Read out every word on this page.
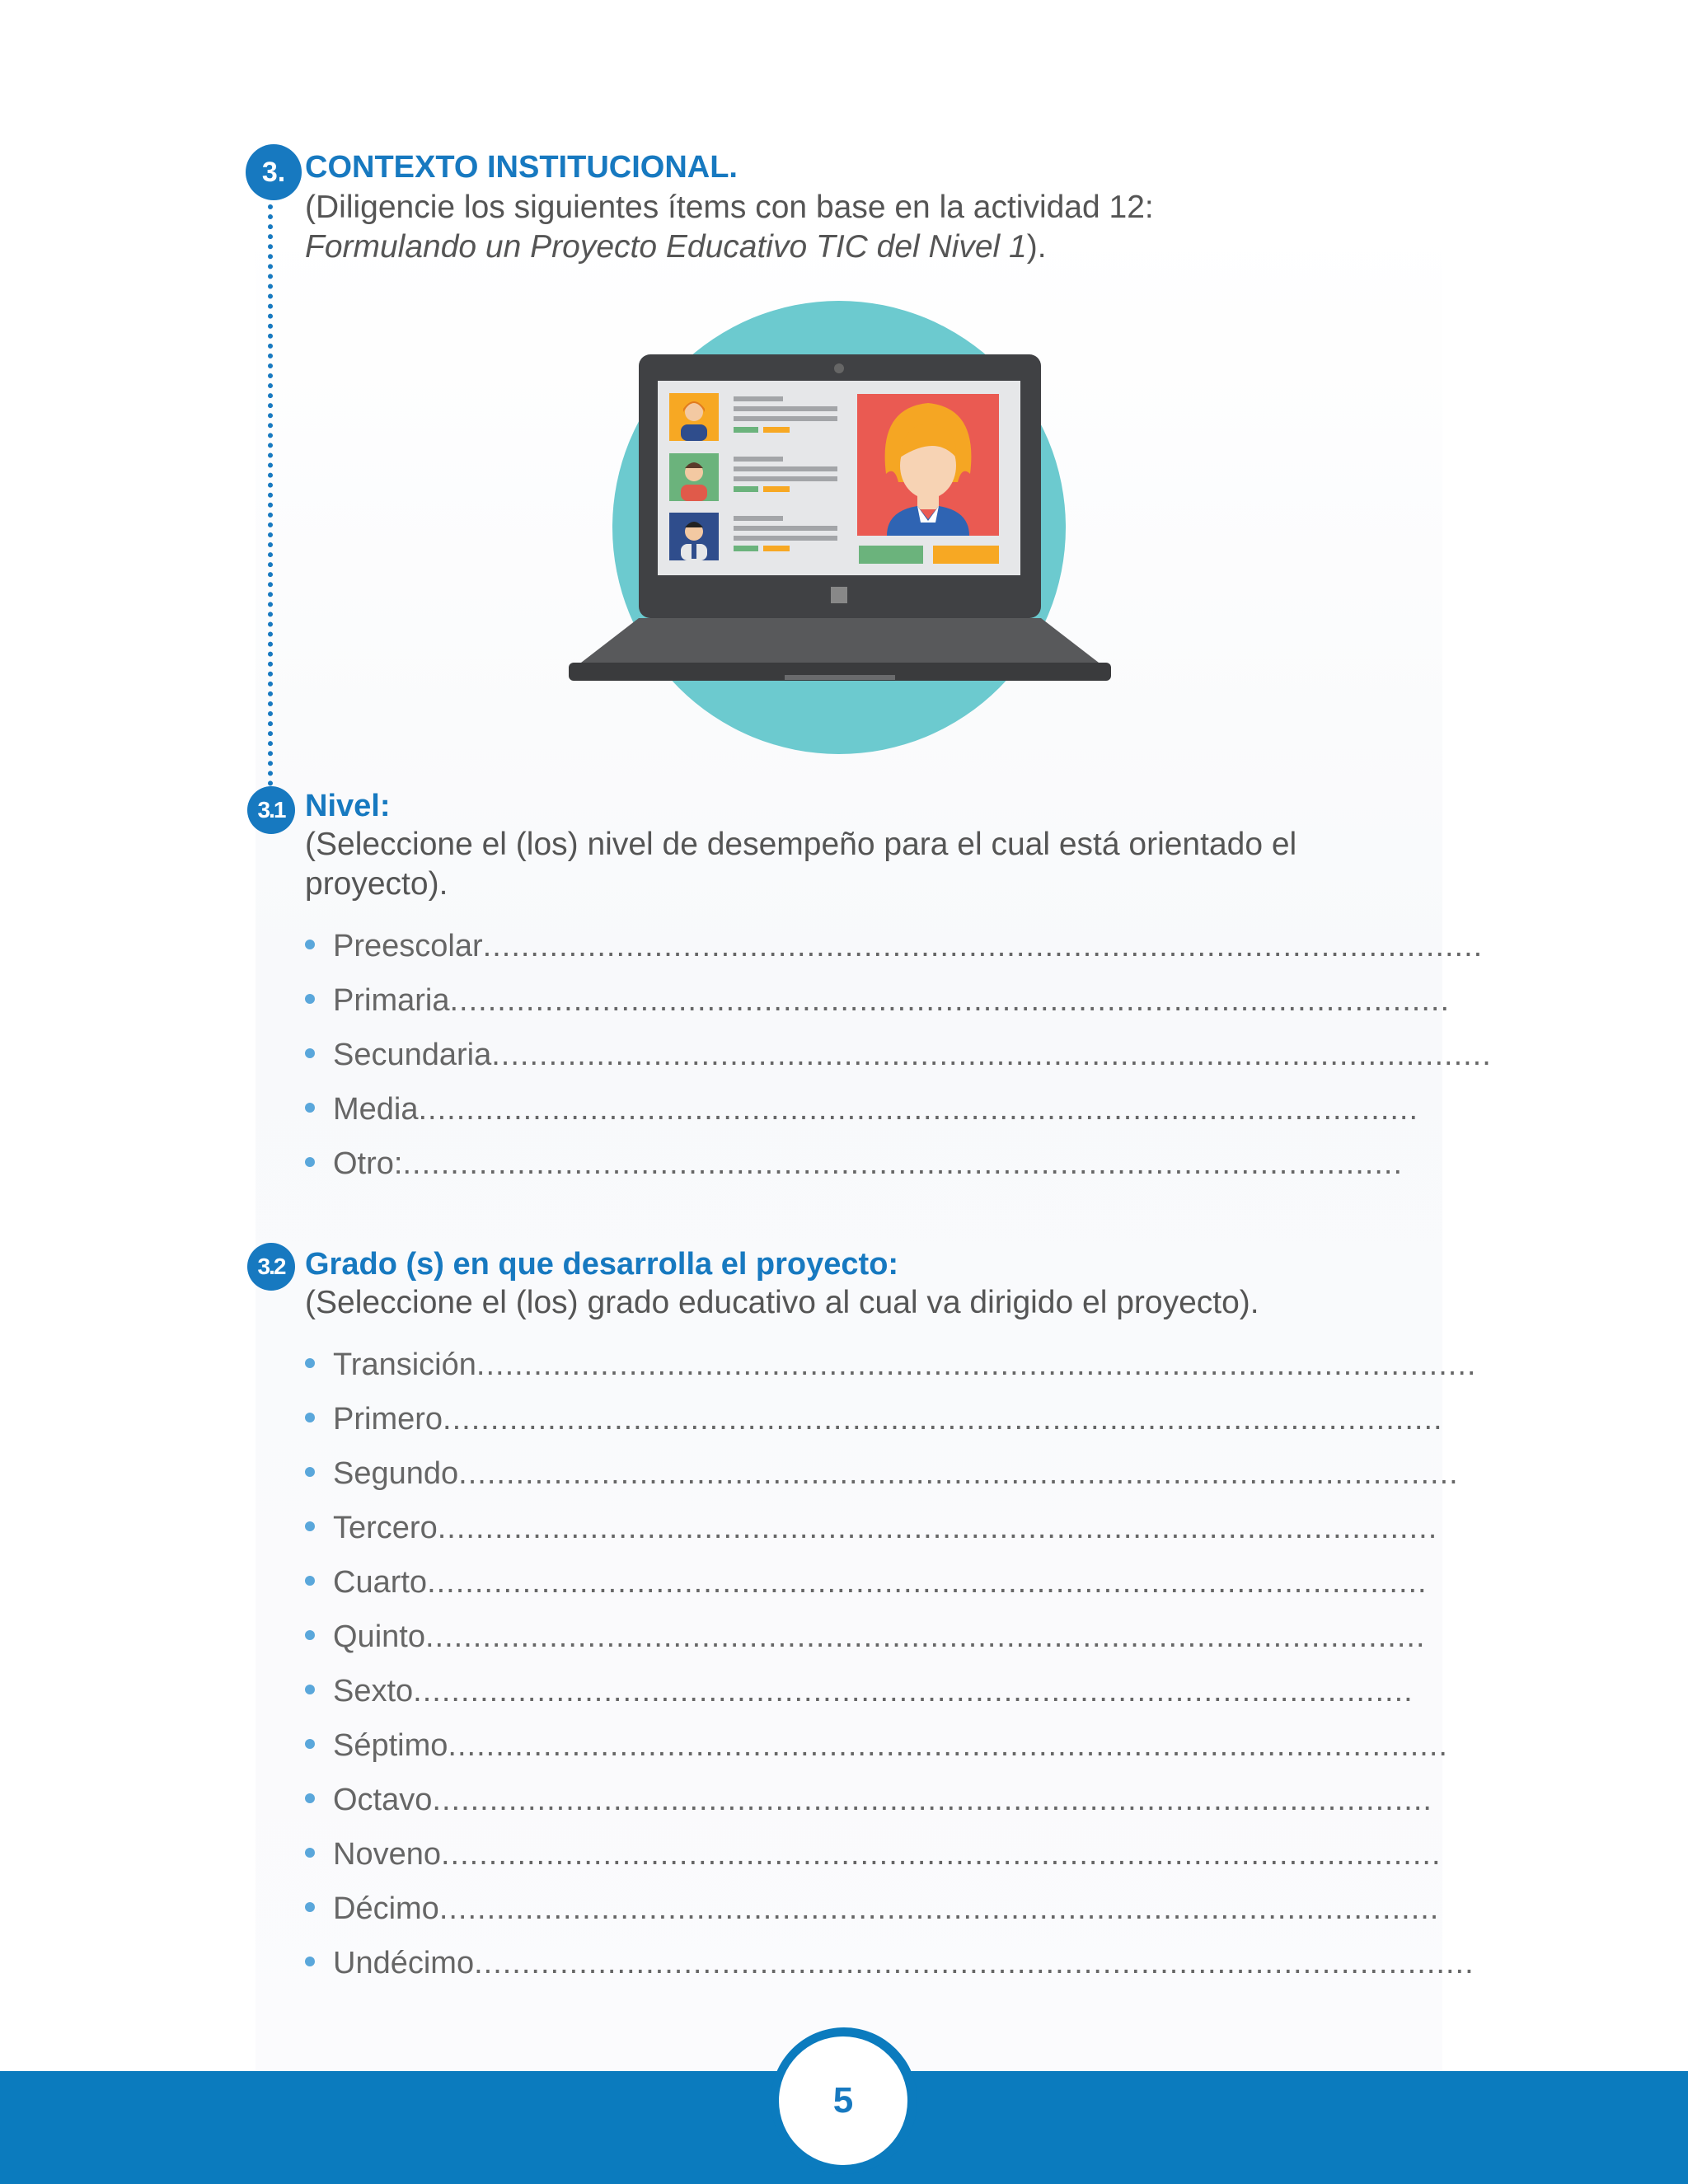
3. CONTEXTO INSTITUCIONAL.
(Diligencie los siguientes ítems con base en la actividad 12:
Formulando un Proyecto Educativo TIC del Nivel 1).
3.1 Nivel:
(Seleccione el (los) nivel de desempeño para el cual está orientado el proyecto).
Preescolar.........................................................................................................
Primaria.........................................................................................................
Secundaria.........................................................................................................
Media.........................................................................................................
Otro:.........................................................................................................
3.2 Grado (s) en que desarrolla el proyecto:
(Seleccione el (los) grado educativo al cual va dirigido el proyecto).
Transición.........................................................................................................
Primero.........................................................................................................
Segundo.........................................................................................................
Tercero.........................................................................................................
Cuarto.........................................................................................................
Quinto.........................................................................................................
Sexto.........................................................................................................
Séptimo.........................................................................................................
Octavo.........................................................................................................
Noveno.........................................................................................................
Décimo.........................................................................................................
Undécimo.........................................................................................................
5
